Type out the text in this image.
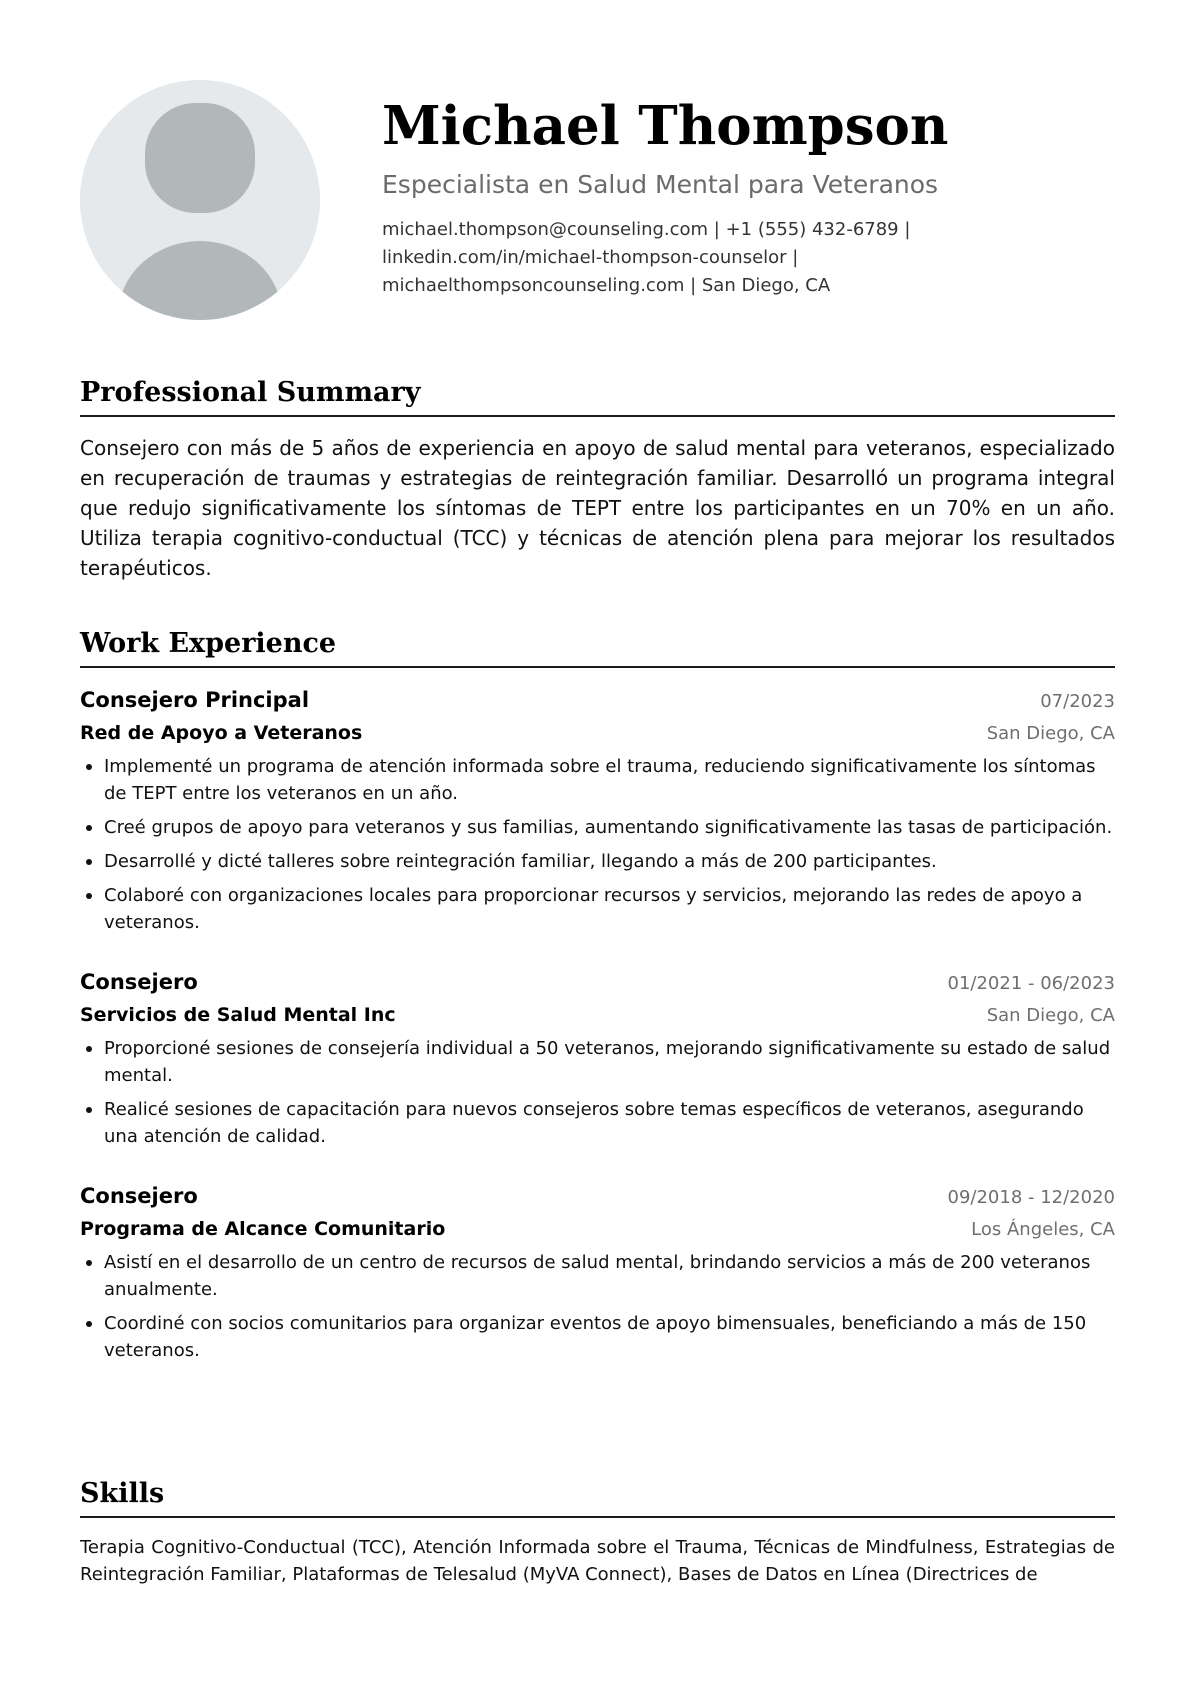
Michael Thompson
Especialista en Salud Mental para Veteranos
michael.thompson@counseling.com | +1 (555) 432-6789 | linkedin.com/in/michael-thompson-counselor | michaelthompsoncounseling.com | San Diego, CA
Professional Summary
Consejero con más de 5 años de experiencia en apoyo de salud mental para veteranos, especializado en recuperación de traumas y estrategias de reintegración familiar. Desarrolló un programa integral que redujo significativamente los síntomas de TEPT entre los participantes en un 70% en un año. Utiliza terapia cognitivo-conductual (TCC) y técnicas de atención plena para mejorar los resultados terapéuticos.
Work Experience
Consejero Principal	07/2023
Red de Apoyo a Veteranos	San Diego, CA
Implementé un programa de atención informada sobre el trauma, reduciendo significativamente los síntomas de TEPT entre los veteranos en un año.
Creé grupos de apoyo para veteranos y sus familias, aumentando significativamente las tasas de participación.
Desarrollé y dicté talleres sobre reintegración familiar, llegando a más de 200 participantes.
Colaboré con organizaciones locales para proporcionar recursos y servicios, mejorando las redes de apoyo a veteranos.
Consejero	01/2021 - 06/2023
Servicios de Salud Mental Inc	San Diego, CA
Proporcioné sesiones de consejería individual a 50 veteranos, mejorando significativamente su estado de salud mental.
Realicé sesiones de capacitación para nuevos consejeros sobre temas específicos de veteranos, asegurando una atención de calidad.
Consejero	09/2018 - 12/2020
Programa de Alcance Comunitario	Los Ángeles, CA
Asistí en el desarrollo de un centro de recursos de salud mental, brindando servicios a más de 200 veteranos anualmente.
Coordiné con socios comunitarios para organizar eventos de apoyo bimensuales, beneficiando a más de 150 veteranos.
Skills
Terapia Cognitivo-Conductual (TCC), Atención Informada sobre el Trauma, Técnicas de Mindfulness, Estrategias de Reintegración Familiar, Plataformas de Telesalud (MyVA Connect), Bases de Datos en Línea (Directrices de
